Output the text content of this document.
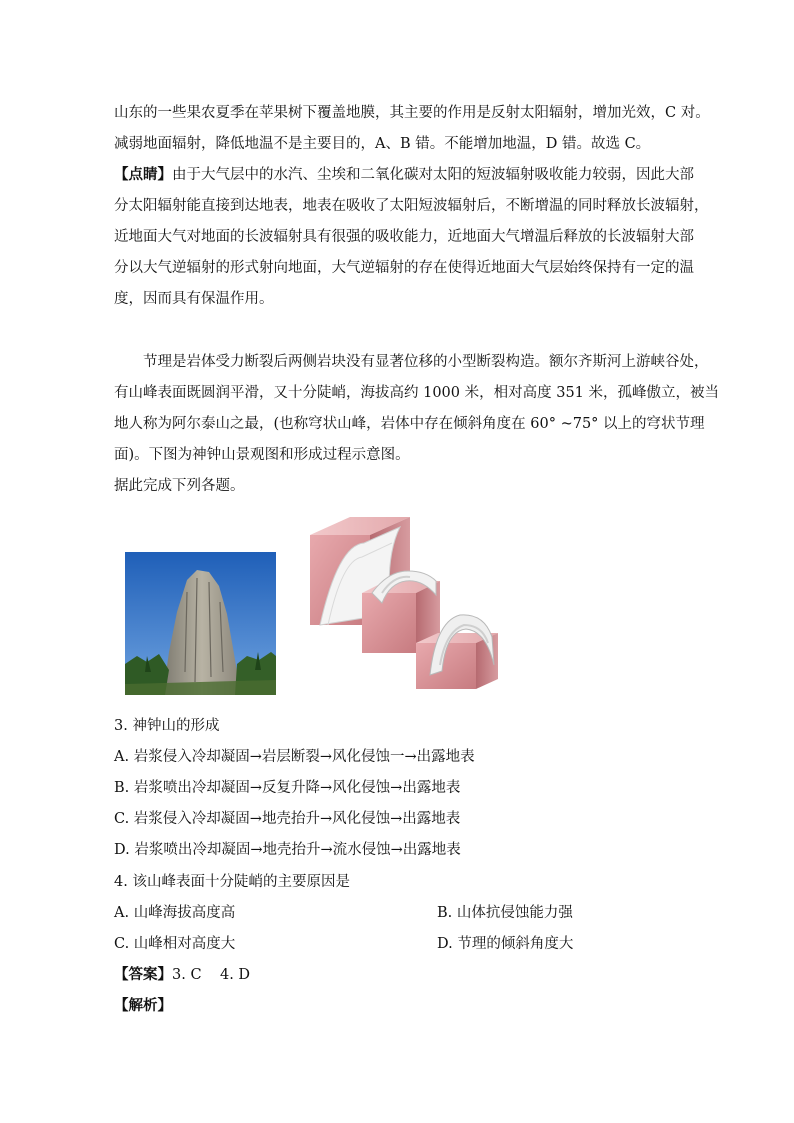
山东的一些果农夏季在苹果树下覆盖地膜，其主要的作用是反射太阳辐射，增加光效，C 对。
减弱地面辐射，降低地温不是主要目的，A、B 错。不能增加地温，D 错。故选 C。
【点睛】由于大气层中的水汽、尘埃和二氧化碳对太阳的短波辐射吸收能力较弱，因此大部
分太阳辐射能直接到达地表，地表在吸收了太阳短波辐射后，不断增温的同时释放长波辐射，
近地面大气对地面的长波辐射具有很强的吸收能力，近地面大气增温后释放的长波辐射大部
分以大气逆辐射的形式射向地面，大气逆辐射的存在使得近地面大气层始终保持有一定的温
度，因而具有保温作用。
节理是岩体受力断裂后两侧岩块没有显著位移的小型断裂构造。额尔齐斯河上游峡谷处，
有山峰表面既圆润平滑，又十分陡峭，海拔高约 1000 米，相对高度 351 米，孤峰傲立，被当
地人称为阿尔泰山之最，(也称穹状山峰，岩体中存在倾斜角度在 60° ~75° 以上的穹状节理
面)。下图为神钟山景观图和形成过程示意图。
据此完成下列各题。
3. 神钟山的形成
A. 岩浆侵入冷却凝固→岩层断裂→风化侵蚀一→出露地表
B. 岩浆喷出冷却凝固→反复升降→风化侵蚀→出露地表
C. 岩浆侵入冷却凝固→地壳抬升→风化侵蚀→出露地表
D. 岩浆喷出冷却凝固→地壳抬升→流水侵蚀→出露地表
4. 该山峰表面十分陡峭的主要原因是
A. 山峰海拔高度高	B. 山体抗侵蚀能力强
C. 山峰相对高度大	D. 节理的倾斜角度大
【答案】3. C    4. D
【解析】
